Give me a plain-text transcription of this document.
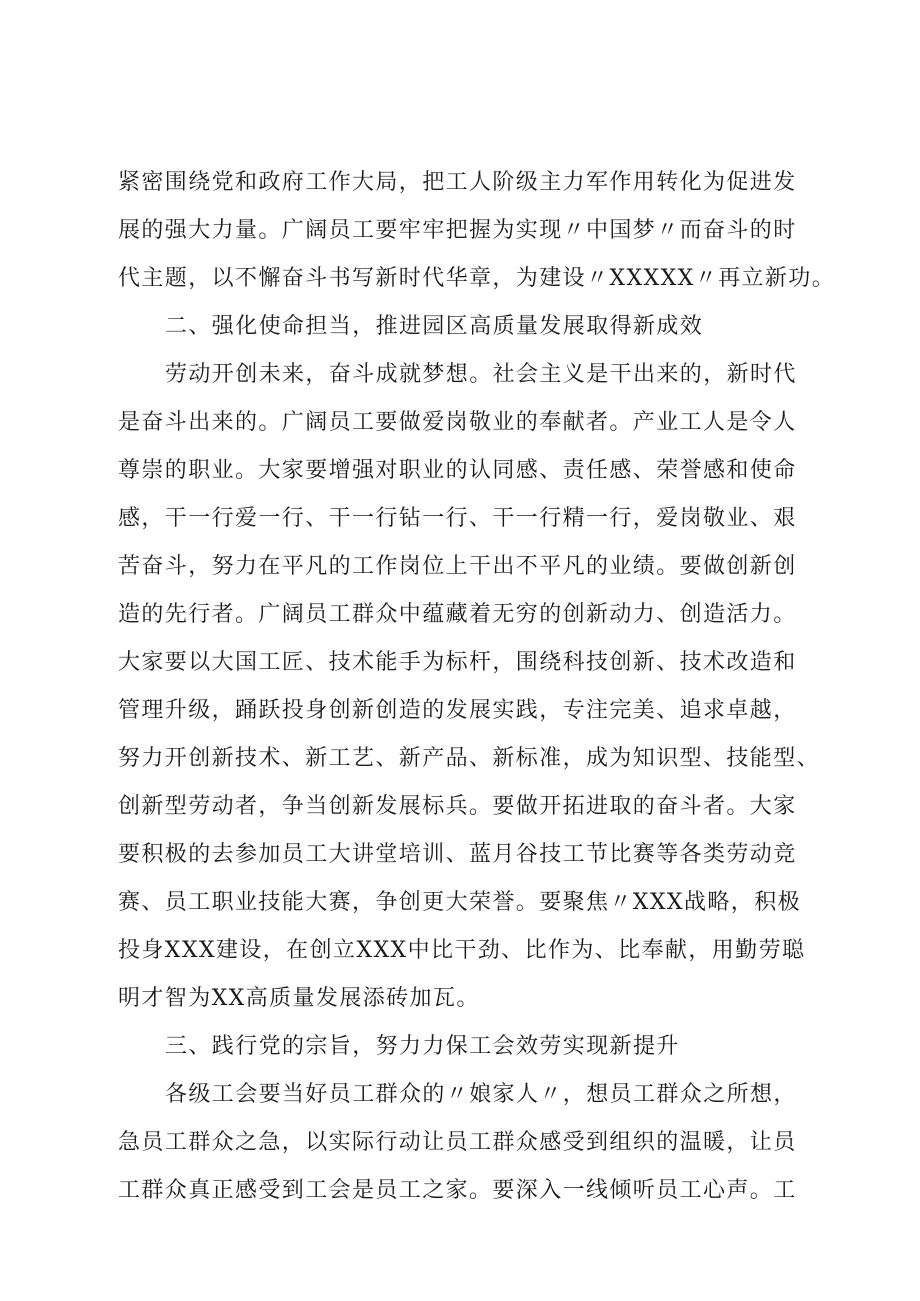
紧密围绕党和政府工作大局，把工人阶级主力军作用转化为促进发
展的强大力量。广阔员工要牢牢把握为实现〃中国梦〃而奋斗的时
代主题，以不懈奋斗书写新时代华章，为建设〃XXXXX〃再立新功。
二、强化使命担当，推进园区高质量发展取得新成效
劳动开创未来，奋斗成就梦想。社会主义是干出来的，新时代
是奋斗出来的。广阔员工要做爱岗敬业的奉献者。产业工人是令人
尊崇的职业。大家要增强对职业的认同感、责任感、荣誉感和使命
感，干一行爱一行、干一行钻一行、干一行精一行，爱岗敬业、艰
苦奋斗，努力在平凡的工作岗位上干出不平凡的业绩。要做创新创
造的先行者。广阔员工群众中蕴藏着无穷的创新动力、创造活力。
大家要以大国工匠、技术能手为标杆，围绕科技创新、技术改造和
管理升级，踊跃投身创新创造的发展实践，专注完美、追求卓越，
努力开创新技术、新工艺、新产品、新标准，成为知识型、技能型、
创新型劳动者，争当创新发展标兵。要做开拓进取的奋斗者。大家
要积极的去参加员工大讲堂培训、蓝月谷技工节比赛等各类劳动竞
赛、员工职业技能大赛，争创更大荣誉。要聚焦〃XXX战略，积极
投身XXX建设，在创立XXX中比干劲、比作为、比奉献，用勤劳聪
明才智为XX高质量发展添砖加瓦。
三、践行党的宗旨，努力力保工会效劳实现新提升
各级工会要当好员工群众的〃娘家人〃，想员工群众之所想，
急员工群众之急，以实际行动让员工群众感受到组织的温暖，让员
工群众真正感受到工会是员工之家。要深入一线倾听员工心声。工
